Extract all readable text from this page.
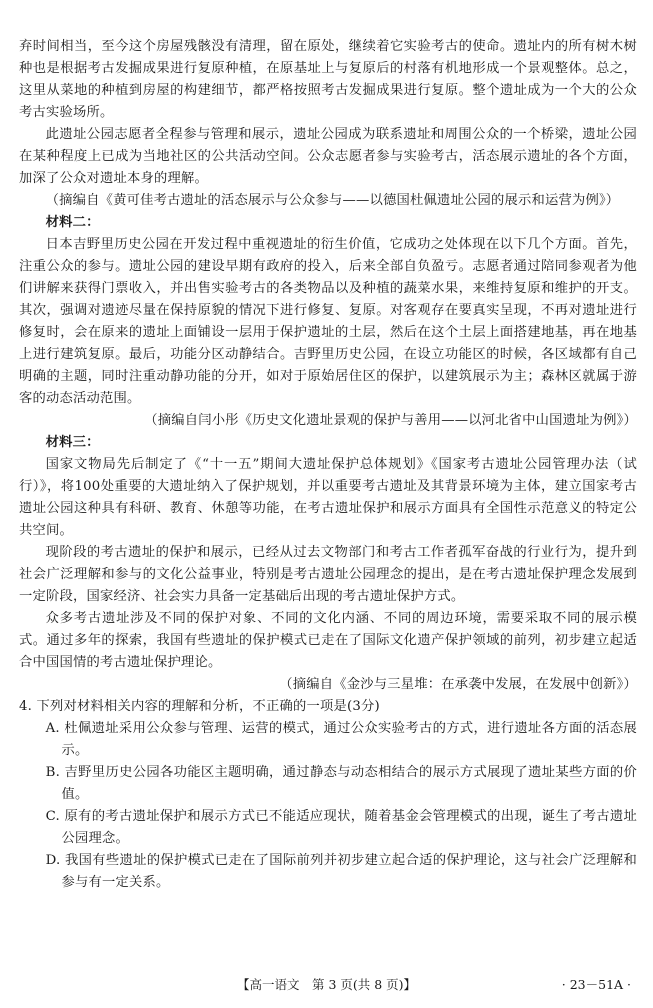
弃时间相当，至今这个房屋残骸没有清理，留在原处，继续着它实验考古的使命。遗址内的所有树木树种也是根据考古发掘成果进行复原种植，在原基址上与复原后的村落有机地形成一个景观整体。总之，这里从菜地的种植到房屋的构建细节，都严格按照考古发掘成果进行复原。整个遗址成为一个大的公众考古实验场所。

此遗址公园志愿者全程参与管理和展示，遗址公园成为联系遗址和周围公众的一个桥梁，遗址公园在某种程度上已成为当地社区的公共活动空间。公众志愿者参与实验考古，活态展示遗址的各个方面，加深了公众对遗址本身的理解。

（摘编自《黄可佳考古遗址的活态展示与公众参与——以德国杜佩遗址公园的展示和运营为例》）

材料二：

日本吉野里历史公园在开发过程中重视遗址的衍生价值，它成功之处体现在以下几个方面。首先，注重公众的参与。遗址公园的建设早期有政府的投入，后来全部自负盈亏。志愿者通过陪同参观者为他们讲解来获得门票收入，并出售实验考古的各类物品以及种植的蔬菜水果，来维持复原和维护的开支。其次，强调对遗迹尽量在保持原貌的情况下进行修复、复原。对客观存在要真实呈现，不再对遗址进行修复时，会在原来的遗址上面铺设一层用于保护遗址的土层，然后在这个土层上面搭建地基，再在地基上进行建筑复原。最后，功能分区动静结合。吉野里历史公园，在设立功能区的时候，各区域都有自己明确的主题，同时注重动静功能的分开，如对于原始居住区的保护，以建筑展示为主；森林区就属于游客的动态活动范围。

（摘编自闫小彤《历史文化遗址景观的保护与善用——以河北省中山国遗址为例》）

材料三：

国家文物局先后制定了《“十一五”期间大遗址保护总体规划》《国家考古遗址公园管理办法（试行）》，将100处重要的大遗址纳入了保护规划，并以重要考古遗址及其背景环境为主体，建立国家考古遗址公园这种具有科研、教育、休憩等功能，在考古遗址保护和展示方面具有全国性示范意义的特定公共空间。

现阶段的考古遗址的保护和展示，已经从过去文物部门和考古工作者孤军奋战的行业行为，提升到社会广泛理解和参与的文化公益事业，特别是考古遗址公园理念的提出，是在考古遗址保护理念发展到一定阶段，国家经济、社会实力具备一定基础后出现的考古遗址保护方式。

众多考古遗址涉及不同的保护对象、不同的文化内涵、不同的周边环境，需要采取不同的展示模式。通过多年的探索，我国有些遗址的保护模式已走在了国际文化遗产保护领域的前列，初步建立起适合中国国情的考古遗址保护理论。

（摘编自《金沙与三星堆：在承袭中发展，在发展中创新》）

4. 下列对材料相关内容的理解和分析，不正确的一项是(3分)

A. 杜佩遗址采用公众参与管理、运营的模式，通过公众实验考古的方式，进行遗址各方面的活态展示。

B. 吉野里历史公园各功能区主题明确，通过静态与动态相结合的展示方式展现了遗址某些方面的价值。

C. 原有的考古遗址保护和展示方式已不能适应现状，随着基金会管理模式的出现，诞生了考古遗址公园理念。

D. 我国有些遗址的保护模式已走在了国际前列并初步建立起合适的保护理论，这与社会广泛理解和参与有一定关系。

【高一语文　第 3 页(共 8 页)】	· 23－51A ·
